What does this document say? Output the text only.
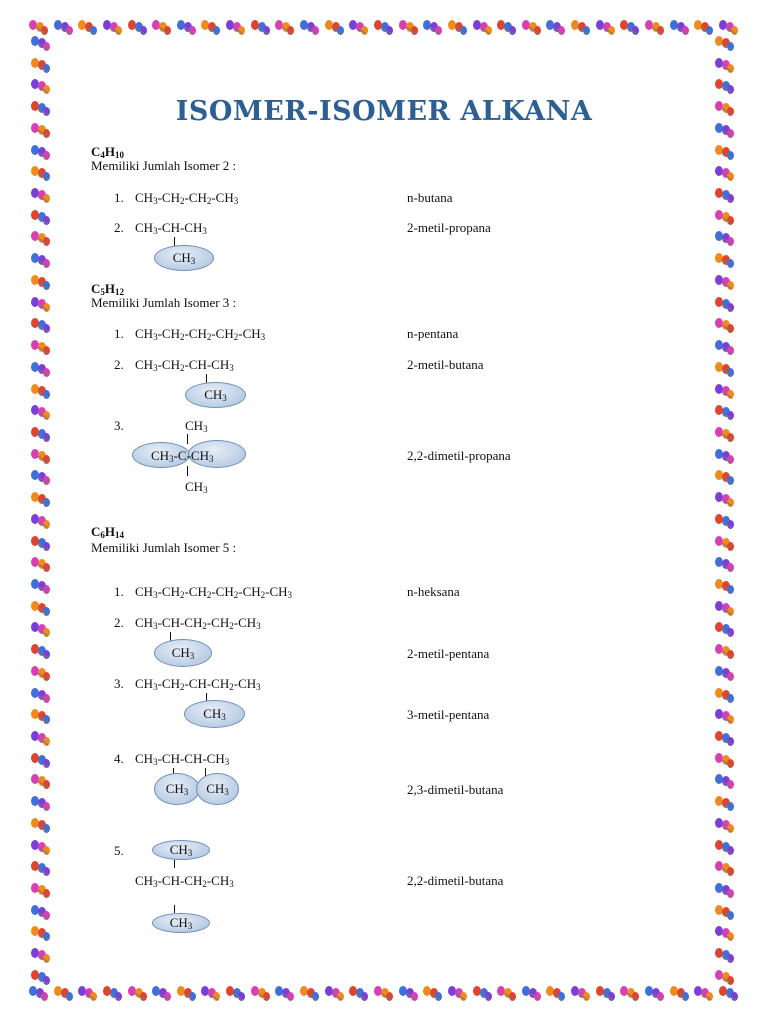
ISOMER-ISOMER ALKANA
$C_4H_{10}$
Memiliki Jumlah Isomer 2 :
1. $CH_3-CH_2-CH_2-CH_3$	n-butana
2. $CH_3-CH-CH_3$
$CH_3$
2-metil-propana
$C_5H_{12}$
Memiliki Jumlah Isomer 3 :
1. $CH_3-CH_2-CH_2-CH_2-CH_3$	n-pentana
2. $CH_3-CH_2-CH-CH_3$
$CH_3$
2-metil-butana
3.	$CH_3$
$CH_3-C-CH_3$
$CH_3$
2,2-dimetil-propana
$C_6H_{14}$
Memiliki Jumlah Isomer 5 :
1. $CH_3-CH_2-CH_2-CH_2-CH_2-CH_3$	n-heksana
2. $CH_3-CH-CH_2-CH_2-CH_3$
$CH_3$	2-metil-pentana
3. $CH_3-CH_2-CH-CH_2-CH_3$
$CH_3$	3-metil-pentana
4. $CH_3-CH-CH-CH_3$
$CH_3$	$CH_3$	2,3-dimetil-butana
5.	$CH_3$
$CH_3-CH-CH_2-CH_3$
$CH_3$
2,2-dimetil-butana
